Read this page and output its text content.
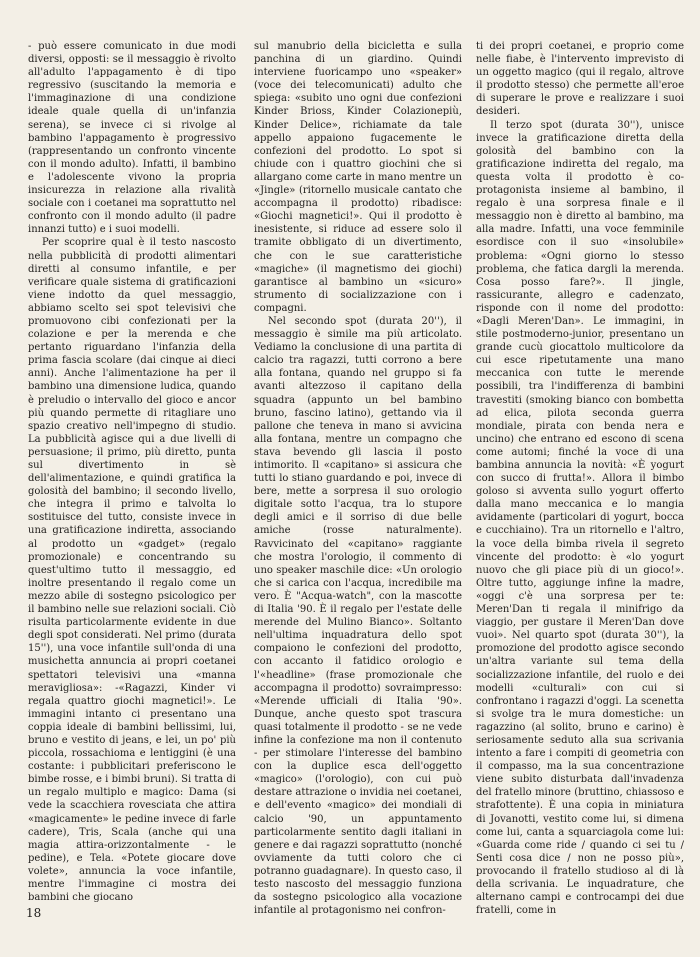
- può essere comunicato in due modi diversi, opposti: se il messaggio è rivolto all'adulto l'appagamento è di tipo regressivo (suscitando la memoria e l'immaginazione di una condizione ideale quale quella di un'infanzia serena), se invece ci si rivolge al bambino l'appagamento è progressivo (rappresentando un confronto vincente con il mondo adulto). Infatti, il bambino e l'adolescente vivono la propria insicurezza in relazione alla rivalità sociale con i coetanei ma soprattutto nel confronto con il mondo adulto (il padre innanzi tutto) e i suoi modelli.

Per scoprire qual è il testo nascosto nella pubblicità di prodotti alimentari diretti al consumo infantile, e per verificare quale sistema di gratificazioni viene indotto da quel messaggio, abbiamo scelto sei spot televisivi che promuovono cibi confezionati per la colazione e per la merenda e che pertanto riguardano l'infanzia della prima fascia scolare (dai cinque ai dieci anni). Anche l'alimentazione ha per il bambino una dimensione ludica, quando è preludio o intervallo del gioco e ancor più quando permette di ritagliare uno spazio creativo nell'impegno di studio. La pubblicità agisce qui a due livelli di persuasione; il primo, più diretto, punta sul divertimento in sè dell'alimentazione, e quindi gratifica la golosità del bambino; il secondo livello, che integra il primo e talvolta lo sostituisce del tutto, consiste invece in una gratificazione indiretta, associando al prodotto un «gadget» (regalo promozionale) e concentrando su quest'ultimo tutto il messaggio, ed inoltre presentando il regalo come un mezzo abile di sostegno psicologico per il bambino nelle sue relazioni sociali. Ciò risulta particolarmente evidente in due degli spot considerati. Nel primo (durata 15''), una voce infantile sull'onda di una musichetta annuncia ai propri coetanei spettatori televisivi una «manna meravigliosa»: -«Ragazzi, Kinder vi regala quattro giochi magnetici!». Le immagini intanto ci presentano una coppia ideale di bambini bellissimi, lui, bruno e vestito di jeans, e lei, un po' più piccola, rossachioma e lentiggini (è una costante: i pubblicitari preferiscono le bimbe rosse, e i bimbi bruni). Si tratta di un regalo multiplo e magico: Dama (si vede la scacchiera rovesciata che attira «magicamente» le pedine invece di farle cadere), Tris, Scala (anche qui una magia attira-orizzontalmente - le pedine), e Tela. «Potete giocare dove volete», annuncia la voce infantile, mentre l'immagine ci mostra dei bambini che giocano

sul manubrio della bicicletta e sulla panchina di un giardino. Quindi interviene fuoricampo uno «speaker» (voce dei telecomunicati) adulto che spiega: «subito uno ogni due confezioni Kinder Brioss, Kinder Colazionepiù, Kinder Delice», richiamate da tale appello appaiono fugacemente le confezioni del prodotto. Lo spot si chiude con i quattro giochini che si allargano come carte in mano mentre un «Jingle» (ritornello musicale cantato che accompagna il prodotto) ribadisce: «Giochi magnetici!». Qui il prodotto è inesistente, si riduce ad essere solo il tramite obbligato di un divertimento, che con le sue caratteristiche «magiche» (il magnetismo dei giochi) garantisce al bambino un «sicuro» strumento di socializzazione con i compagni.

Nel secondo spot (durata 20''), il messaggio è simile ma più articolato. Vediamo la conclusione di una partita di calcio tra ragazzi, tutti corrono a bere alla fontana, quando nel gruppo si fa avanti altezzoso il capitano della squadra (appunto un bel bambino bruno, fascino latino), gettando via il pallone che teneva in mano si avvicina alla fontana, mentre un compagno che stava bevendo gli lascia il posto intimorito. Il «capitano» si assicura che tutti lo stiano guardando e poi, invece di bere, mette a sorpresa il suo orologio digitale sotto l'acqua, tra lo stupore degli amici e il sorriso di due belle amiche (rosse naturalmente). Ravvicinato del «capitano» raggiante che mostra l'orologio, il commento di uno speaker maschile dice: «Un orologio che si carica con l'acqua, incredibile ma vero. È "Acqua-watch", con la mascotte di Italia '90. È il regalo per l'estate delle merende del Mulino Bianco». Soltanto nell'ultima inquadratura dello spot compaiono le confezioni del prodotto, con accanto il fatidico orologio e l'«headline» (frase promozionale che accompagna il prodotto) sovraimpresso: «Merende ufficiali di Italia '90». Dunque, anche questo spot trascura quasi totalmente il prodotto - se ne vede infine la confezione ma non il contenuto - per stimolare l'interesse del bambino con la duplice esca dell'oggetto «magico» (l'orologio), con cui può destare attrazione o invidia nei coetanei, e dell'evento «magico» dei mondiali di calcio '90, un appuntamento particolarmente sentito dagli italiani in genere e dai ragazzi soprattutto (nonché ovviamente da tutti coloro che ci potranno guadagnare). In questo caso, il testo nascosto del messaggio funziona da sostegno psicologico alla vocazione infantile al protagonismo nei confron-

ti dei propri coetanei, e proprio come nelle fiabe, è l'intervento imprevisto di un oggetto magico (qui il regalo, altrove il prodotto stesso) che permette all'eroe di superare le prove e realizzare i suoi desideri.

Il terzo spot (durata 30''), unisce invece la gratificazione diretta della golosità del bambino con la gratificazione indiretta del regalo, ma questa volta il prodotto è co-protagonista insieme al bambino, il regalo è una sorpresa finale e il messaggio non è diretto al bambino, ma alla madre. Infatti, una voce femminile esordisce con il suo «insolubile» problema: «Ogni giorno lo stesso problema, che fatica dargli la merenda. Cosa posso fare?». Il jingle, rassicurante, allegro e cadenzato, risponde con il nome del prodotto: «Dagli Meren'Dan». Le immagini, in stile postmoderno-junior, presentano un grande cucù giocattolo multicolore da cui esce ripetutamente una mano meccanica con tutte le merende possibili, tra l'indifferenza di bambini travestiti (smoking bianco con bombetta ad elica, pilota seconda guerra mondiale, pirata con benda nera e uncino) che entrano ed escono di scena come automi; finché la voce di una bambina annuncia la novità: «È yogurt con succo di frutta!». Allora il bimbo goloso si avventa sullo yogurt offerto dalla mano meccanica e lo mangia avidamente (particolari di yogurt, bocca e cucchiaino). Tra un ritornello e l'altro, la voce della bimba rivela il segreto vincente del prodotto: è «lo yogurt nuovo che gli piace più di un gioco!». Oltre tutto, aggiunge infine la madre, «oggi c'è una sorpresa per te: Meren'Dan ti regala il minifrigo da viaggio, per gustare il Meren'Dan dove vuoi». Nel quarto spot (durata 30''), la promozione del prodotto agisce secondo un'altra variante sul tema della socializzazione infantile, del ruolo e dei modelli «culturali» con cui si confrontano i ragazzi d'oggi. La scenetta si svolge tra le mura domestiche: un ragazzino (al solito, bruno e carino) è seriosamente seduto alla sua scrivania intento a fare i compiti di geometria con il compasso, ma la sua concentrazione viene subito disturbata dall'invadenza del fratello minore (bruttino, chiassoso e strafottente). È una copia in miniatura di Jovanotti, vestito come lui, si dimena come lui, canta a squarciagola come lui: «Guarda come ride / quando ci sei tu / Senti cosa dice / non ne posso più», provocando il fratello studioso al di là della scrivania. Le inquadrature, che alternano campi e controcampi dei due fratelli, come in

18
